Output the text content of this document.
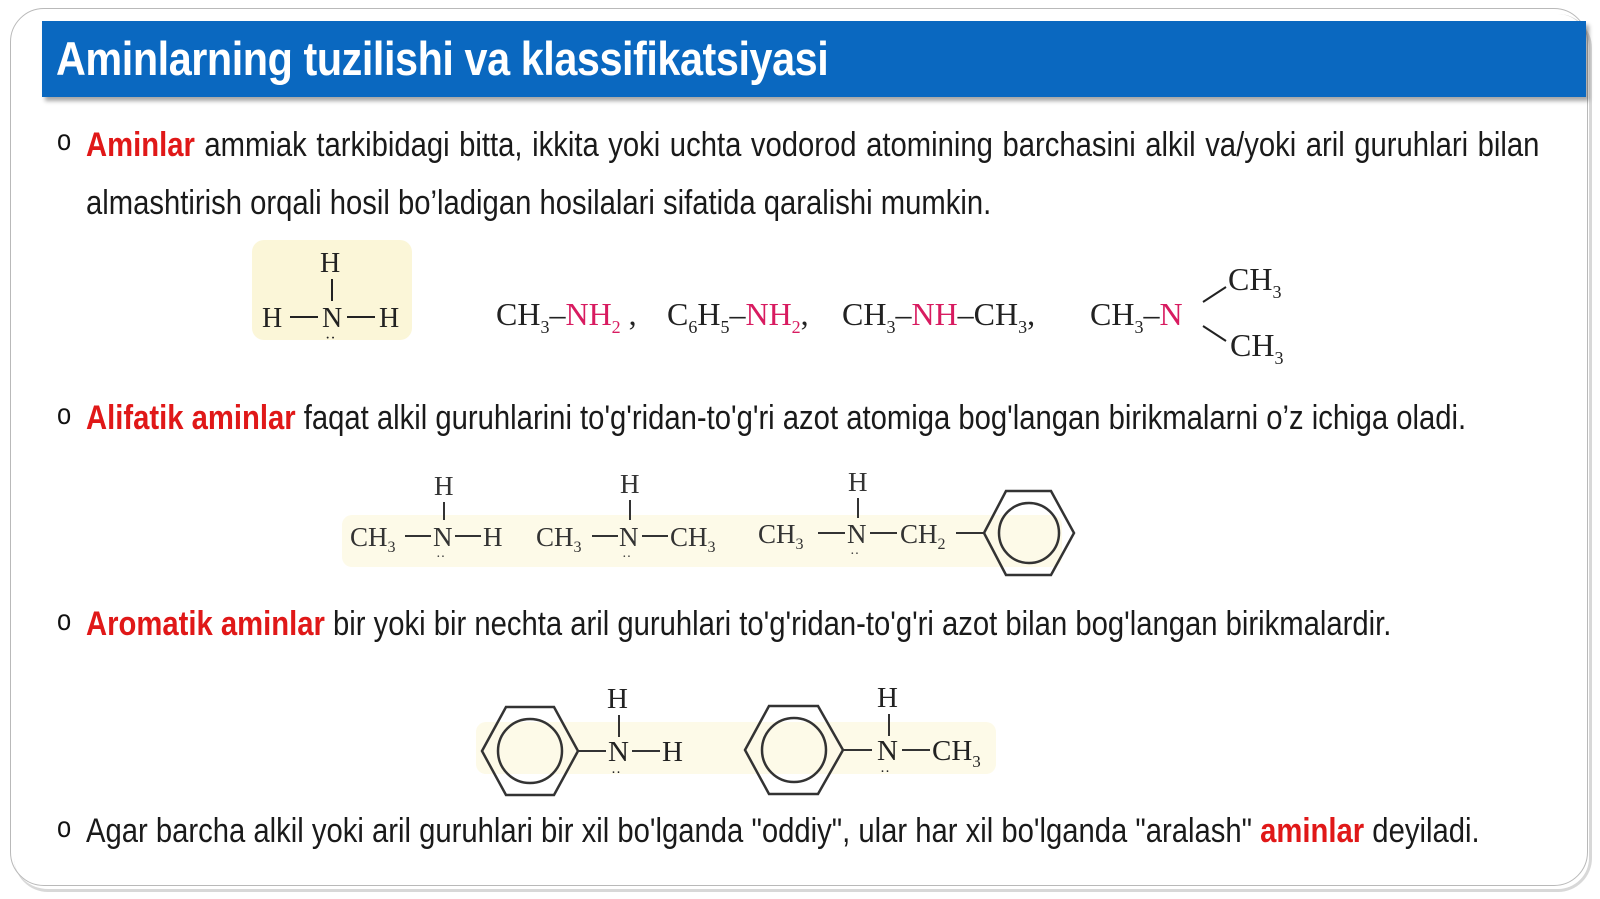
Aminlarning tuzilishi va klassifikatsiyasi
o Aminlar ammiak tarkibidagi bitta, ikkita yoki uchta vodorod atomining barchasini alkil va/yoki aril guruhlari bilan
almashtirish orqali hosil bo’ladigan hosilalari sifatida qaralishi mumkin.
o Alifatik aminlar faqat alkil guruhlarini to'g'ridan-to'g'ri azot atomiga bog'langan birikmalarni o’z ichiga oladi.
o Aromatik aminlar bir yoki bir nechta aril guruhlari to'g'ridan-to'g'ri azot bilan bog'langan birikmalardir.
o Agar barcha alkil yoki aril guruhlari bir xil bo'lganda "oddiy", ular har xil bo'lganda "aralash" aminlar deyiladi.
H
H N H
··
$CH_3-NH_2$ , $C_6H_5-NH_2$, $CH_3-NH-CH_3$, $CH_3-N$
$CH_3$
$CH_3$
H
$CH_3$ N H
··
H
$CH_3$ N $CH_3$
··
H
$CH_3$ N $CH_2$
··
H
N H
··
H
N $CH_3$
··
